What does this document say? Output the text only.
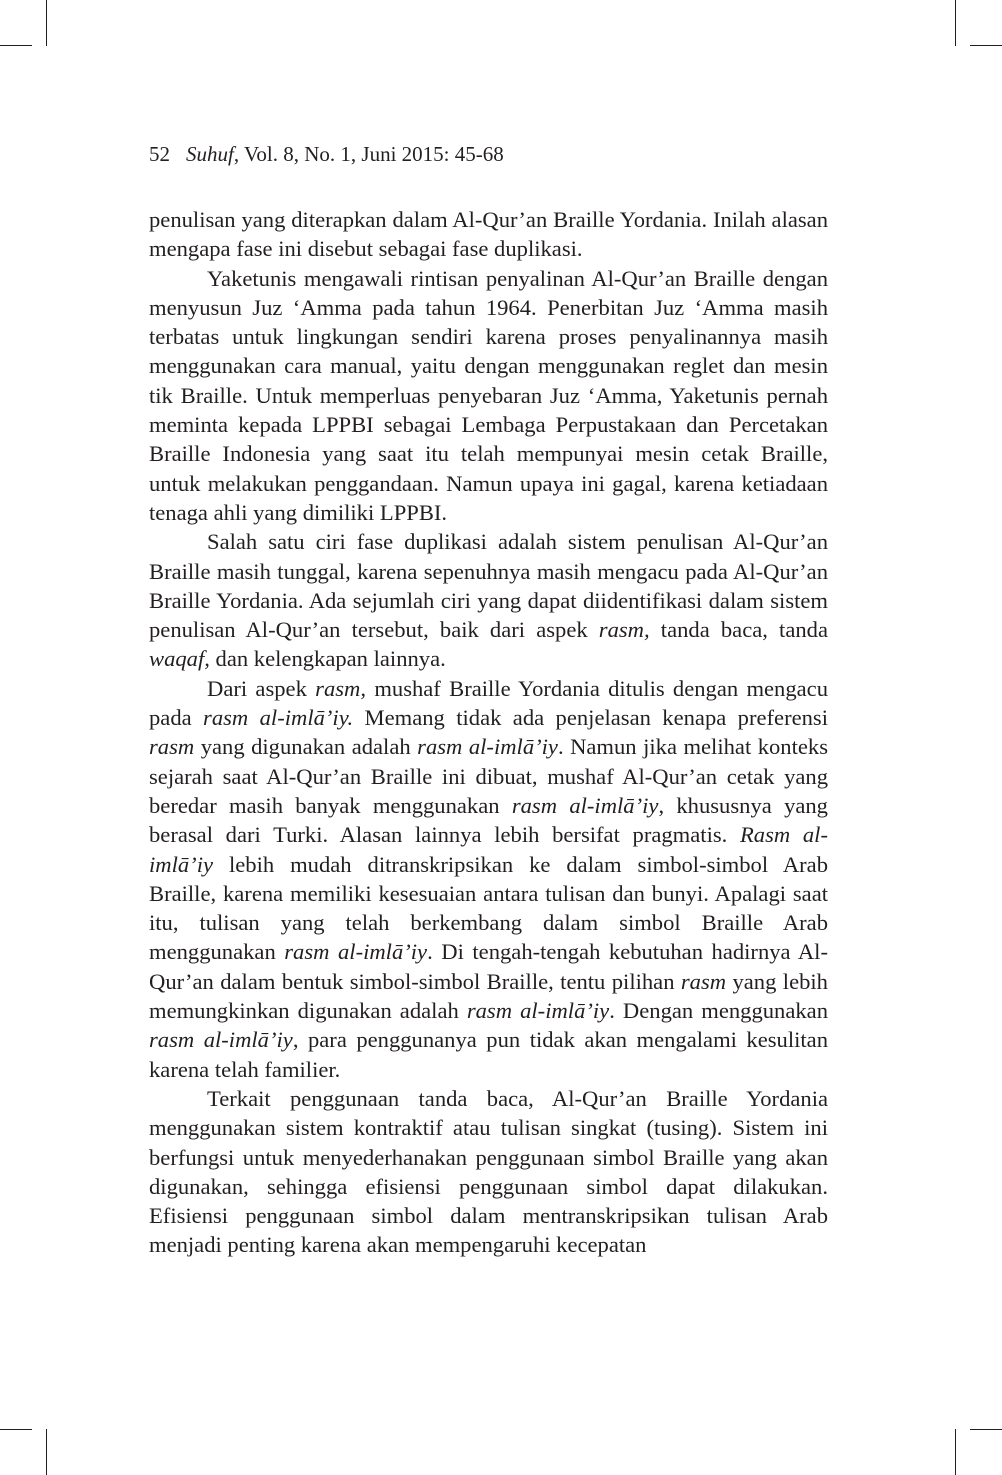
52 Suhuf, Vol. 8, No. 1, Juni 2015: 45-68

penulisan yang diterapkan dalam Al-Qur’an Braille Yordania. Inilah alasan mengapa fase ini disebut sebagai fase duplikasi.

Yaketunis mengawali rintisan penyalinan Al-Qur’an Braille dengan menyusun Juz ‘Amma pada tahun 1964. Penerbitan Juz ‘Amma masih terbatas untuk lingkungan sendiri karena proses penyalinannya masih menggunakan cara manual, yaitu dengan menggunakan reglet dan mesin tik Braille. Untuk memperluas penyebaran Juz ‘Amma, Yaketunis pernah meminta kepada LPPBI sebagai Lembaga Perpustakaan dan Percetakan Braille Indonesia yang saat itu telah mempunyai mesin cetak Braille, untuk melakukan penggandaan. Namun upaya ini gagal, karena ketiadaan tenaga ahli yang dimiliki LPPBI.

Salah satu ciri fase duplikasi adalah sistem penulisan Al-Qur’an Braille masih tunggal, karena sepenuhnya masih mengacu pada Al-Qur’an Braille Yordania. Ada sejumlah ciri yang dapat diidentifikasi dalam sistem penulisan Al-Qur’an tersebut, baik dari aspek rasm, tanda baca, tanda waqaf, dan kelengkapan lainnya.

Dari aspek rasm, mushaf Braille Yordania ditulis dengan mengacu pada rasm al-imlā’iy. Memang tidak ada penjelasan kenapa preferensi rasm yang digunakan adalah rasm al-imlā’iy. Namun jika melihat konteks sejarah saat Al-Qur’an Braille ini dibuat, mushaf Al-Qur’an cetak yang beredar masih banyak menggunakan rasm al-imlā’iy, khususnya yang berasal dari Turki. Alasan lainnya lebih bersifat pragmatis. Rasm al-imlā’iy lebih mudah ditranskripsikan ke dalam simbol-simbol Arab Braille, karena memiliki kesesuaian antara tulisan dan bunyi. Apalagi saat itu, tulisan yang telah berkembang dalam simbol Braille Arab menggunakan rasm al-imlā’iy. Di tengah-tengah kebutuhan hadirnya Al-Qur’an dalam bentuk simbol-simbol Braille, tentu pilihan rasm yang lebih memungkinkan digunakan adalah rasm al-imlā’iy. Dengan menggunakan rasm al-imlā’iy, para penggunanya pun tidak akan mengalami kesulitan karena telah familier.

Terkait penggunaan tanda baca, Al-Qur’an Braille Yordania menggunakan sistem kontraktif atau tulisan singkat (tusing). Sistem ini berfungsi untuk menyederhanakan penggunaan simbol Braille yang akan digunakan, sehingga efisiensi penggunaan simbol dapat dilakukan. Efisiensi penggunaan simbol dalam mentranskripsikan tulisan Arab menjadi penting karena akan mempengaruhi kecepatan
